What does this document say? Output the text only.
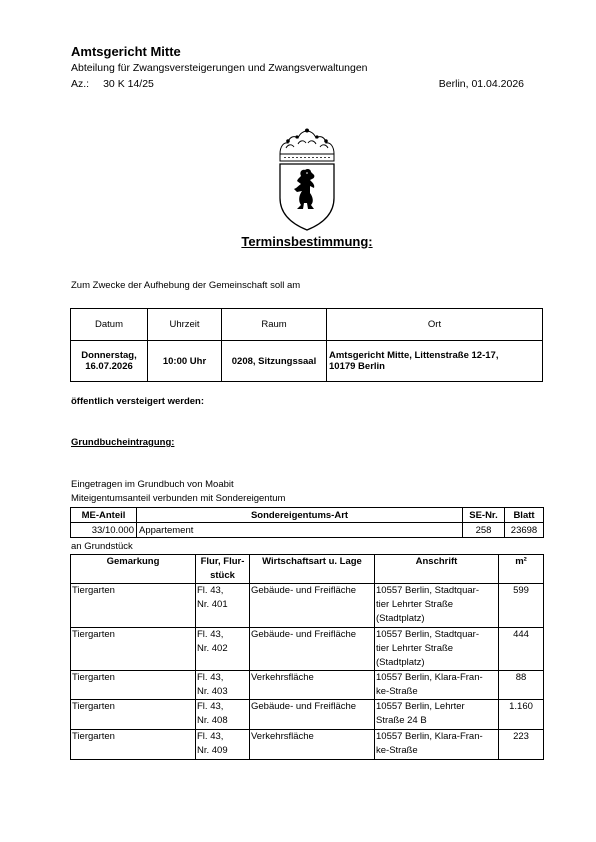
Amtsgericht Mitte
Abteilung für Zwangsversteigerungen und Zwangsverwaltungen
Az.: 30 K 14/25	Berlin, 01.04.2026
Terminsbestimmung:
Zum Zwecke der Aufhebung der Gemeinschaft soll am
Datum	Uhrzeit	Raum	Ort
Donnerstag,
16.07.2026	10:00 Uhr	0208, Sitzungssaal	Amtsgericht Mitte, Littenstraße 12-17,
10179 Berlin
öffentlich versteigert werden:
Grundbucheintragung:
Eingetragen im Grundbuch von Moabit
Miteigentumsanteil verbunden mit Sondereigentum
ME-Anteil	Sondereigentums-Art	SE-Nr.	Blatt
33/10.000	Appartement	258	23698
an Grundstück
Gemarkung	Flur, Flur-
stück	Wirtschaftsart u. Lage	Anschrift	m²
Tiergarten	Fl. 43,
Nr. 401	Gebäude- und Freifläche	10557 Berlin, Stadtquar-
tier Lehrter Straße
(Stadtplatz)	599
Tiergarten	Fl. 43,
Nr. 402	Gebäude- und Freifläche	10557 Berlin, Stadtquar-
tier Lehrter Straße
(Stadtplatz)	444
Tiergarten	Fl. 43,
Nr. 403	Verkehrsfläche	10557 Berlin, Klara-Fran-
ke-Straße	88
Tiergarten	Fl. 43,
Nr. 408	Gebäude- und Freifläche	10557 Berlin, Lehrter
Straße 24 B	1.160
Tiergarten	Fl. 43,
Nr. 409	Verkehrsfläche	10557 Berlin, Klara-Fran-
ke-Straße	223
